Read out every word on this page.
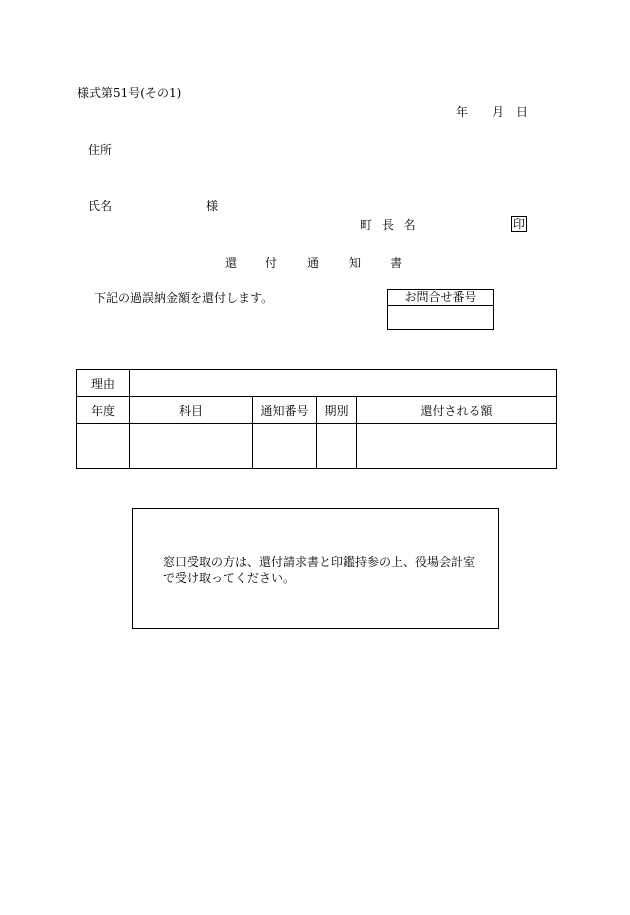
様式第51号(その1)
年 月 日
住所
氏名	様
町 長 名	印
還 付	通	知 書
下記の過誤納金額を還付します。	お問合せ番号
理由				
年度	科目	通知番号	期別	還付される額

窓口受取の方は、還付請求書と印鑑持参の上、役場会計室
で受け取ってください。
